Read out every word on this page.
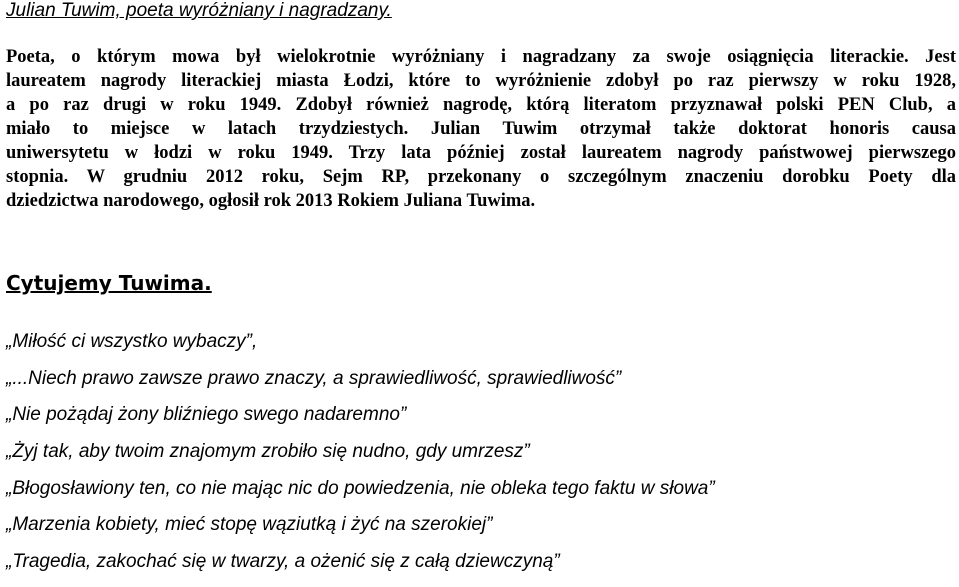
Julian Tuwim, poeta wyróżniany i nagradzany.
Poeta, o którym mowa był wielokrotnie wyróżniany i nagradzany za swoje osiągnięcia literackie. Jest
laureatem nagrody literackiej miasta Łodzi, które to wyróżnienie zdobył po raz pierwszy w roku 1928,
a po raz drugi w roku 1949. Zdobył również nagrodę, którą literatom przyznawał polski PEN Club, a
miało to miejsce w latach trzydziestych. Julian Tuwim otrzymał także doktorat honoris causa
uniwersytetu w łodzi w roku 1949. Trzy lata później został laureatem nagrody państwowej pierwszego
stopnia. W grudniu 2012 roku, Sejm RP, przekonany o szczególnym znaczeniu dorobku Poety dla
dziedzictwa narodowego, ogłosił rok 2013 Rokiem Juliana Tuwima.
Cytujemy Tuwima.
„Miłość ci wszystko wybaczy”,
„...Niech prawo zawsze prawo znaczy, a sprawiedliwość, sprawiedliwość”
„Nie pożądaj żony bliźniego swego nadaremno”
„Żyj tak, aby twoim znajomym zrobiło się nudno, gdy umrzesz”
„Błogosławiony ten, co nie mając nic do powiedzenia, nie obleka tego faktu w słowa”
„Marzenia kobiety, mieć stopę wąziutką i żyć na szerokiej”
„Tragedia, zakochać się w twarzy, a ożenić się z całą dziewczyną”
